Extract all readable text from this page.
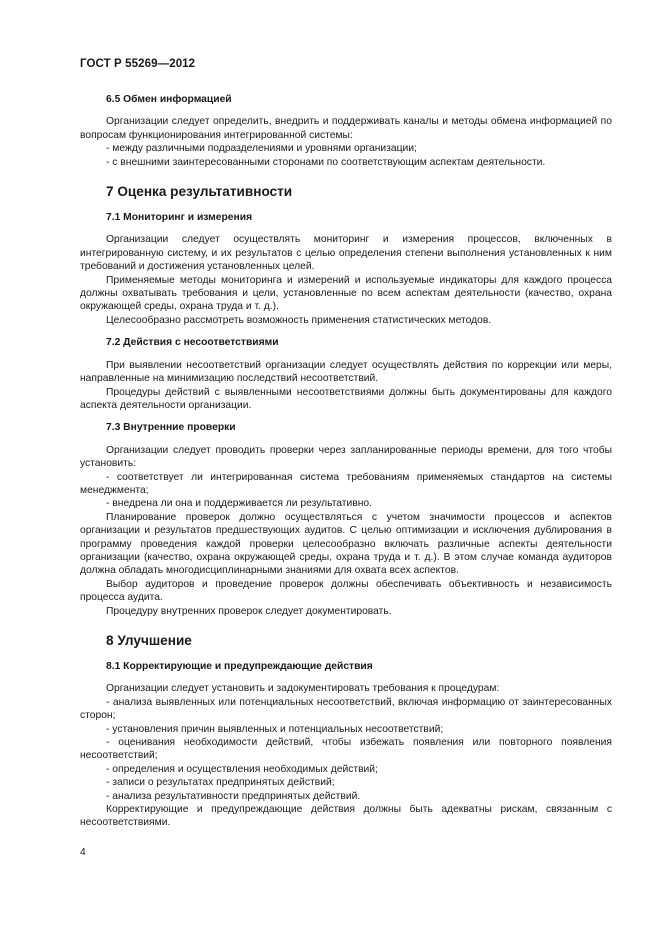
ГОСТ Р 55269—2012
6.5 Обмен информацией

Организации следует определить, внедрить и поддерживать каналы и методы обмена информацией по вопросам функционирования интегрированной системы:

- между различными подразделениями и уровнями организации;

- с внешними заинтересованными сторонами по соответствующим аспектам деятельности.

7 Оценка результативности
7.1 Мониторинг и измерения

Организации следует осуществлять мониторинг и измерения процессов, включенных в интегрированную систему, и их результатов с целью определения степени выполнения установленных к ним требований и достижения установленных целей.

Применяемые методы мониторинга и измерений и используемые индикаторы для каждого процесса должны охватывать требования и цели, установленные по всем аспектам деятельности (качество, охрана окружающей среды, охрана труда и т. д.).

Целесообразно рассмотреть возможность применения статистических методов.

7.2 Действия с несоответствиями

При выявлении несоответствий организации следует осуществлять действия по коррекции или меры, направленные на минимизацию последствий несоответствий.

Процедуры действий с выявленными несоответствиями должны быть документированы для каждого аспекта деятельности организации.

7.3 Внутренние проверки

Организации следует проводить проверки через запланированные периоды времени, для того чтобы установить:

- соответствует ли интегрированная система требованиям применяемых стандартов на системы менеджмента;

- внедрена ли она и поддерживается ли результативно.

Планирование проверок должно осуществляться с учетом значимости процессов и аспектов организации и результатов предшествующих аудитов. С целью оптимизации и исключения дублирования в программу проведения каждой проверки целесообразно включать различные аспекты деятельности организации (качество, охрана окружающей среды, охрана труда и т. д.). В этом случае команда аудиторов должна обладать многодисциплинарными знаниями для охвата всех аспектов.

Выбор аудиторов и проведение проверок должны обеспечивать объективность и независимость процесса аудита.

Процедуру внутренних проверок следует документировать.

8 Улучшение
8.1 Корректирующие и предупреждающие действия

Организации следует установить и задокументировать требования к процедурам:

- анализа выявленных или потенциальных несоответствий, включая информацию от заинтересованных сторон;

- установления причин выявленных и потенциальных несоответствий;

- оценивания необходимости действий, чтобы избежать появления или повторного появления несоответствий;

- определения и осуществления необходимых действий;

- записи о результатах предпринятых действий;

- анализа результативности предпринятых действий.

Корректирующие и предупреждающие действия должны быть адекватны рискам, связанным с несоответствиями.

4
